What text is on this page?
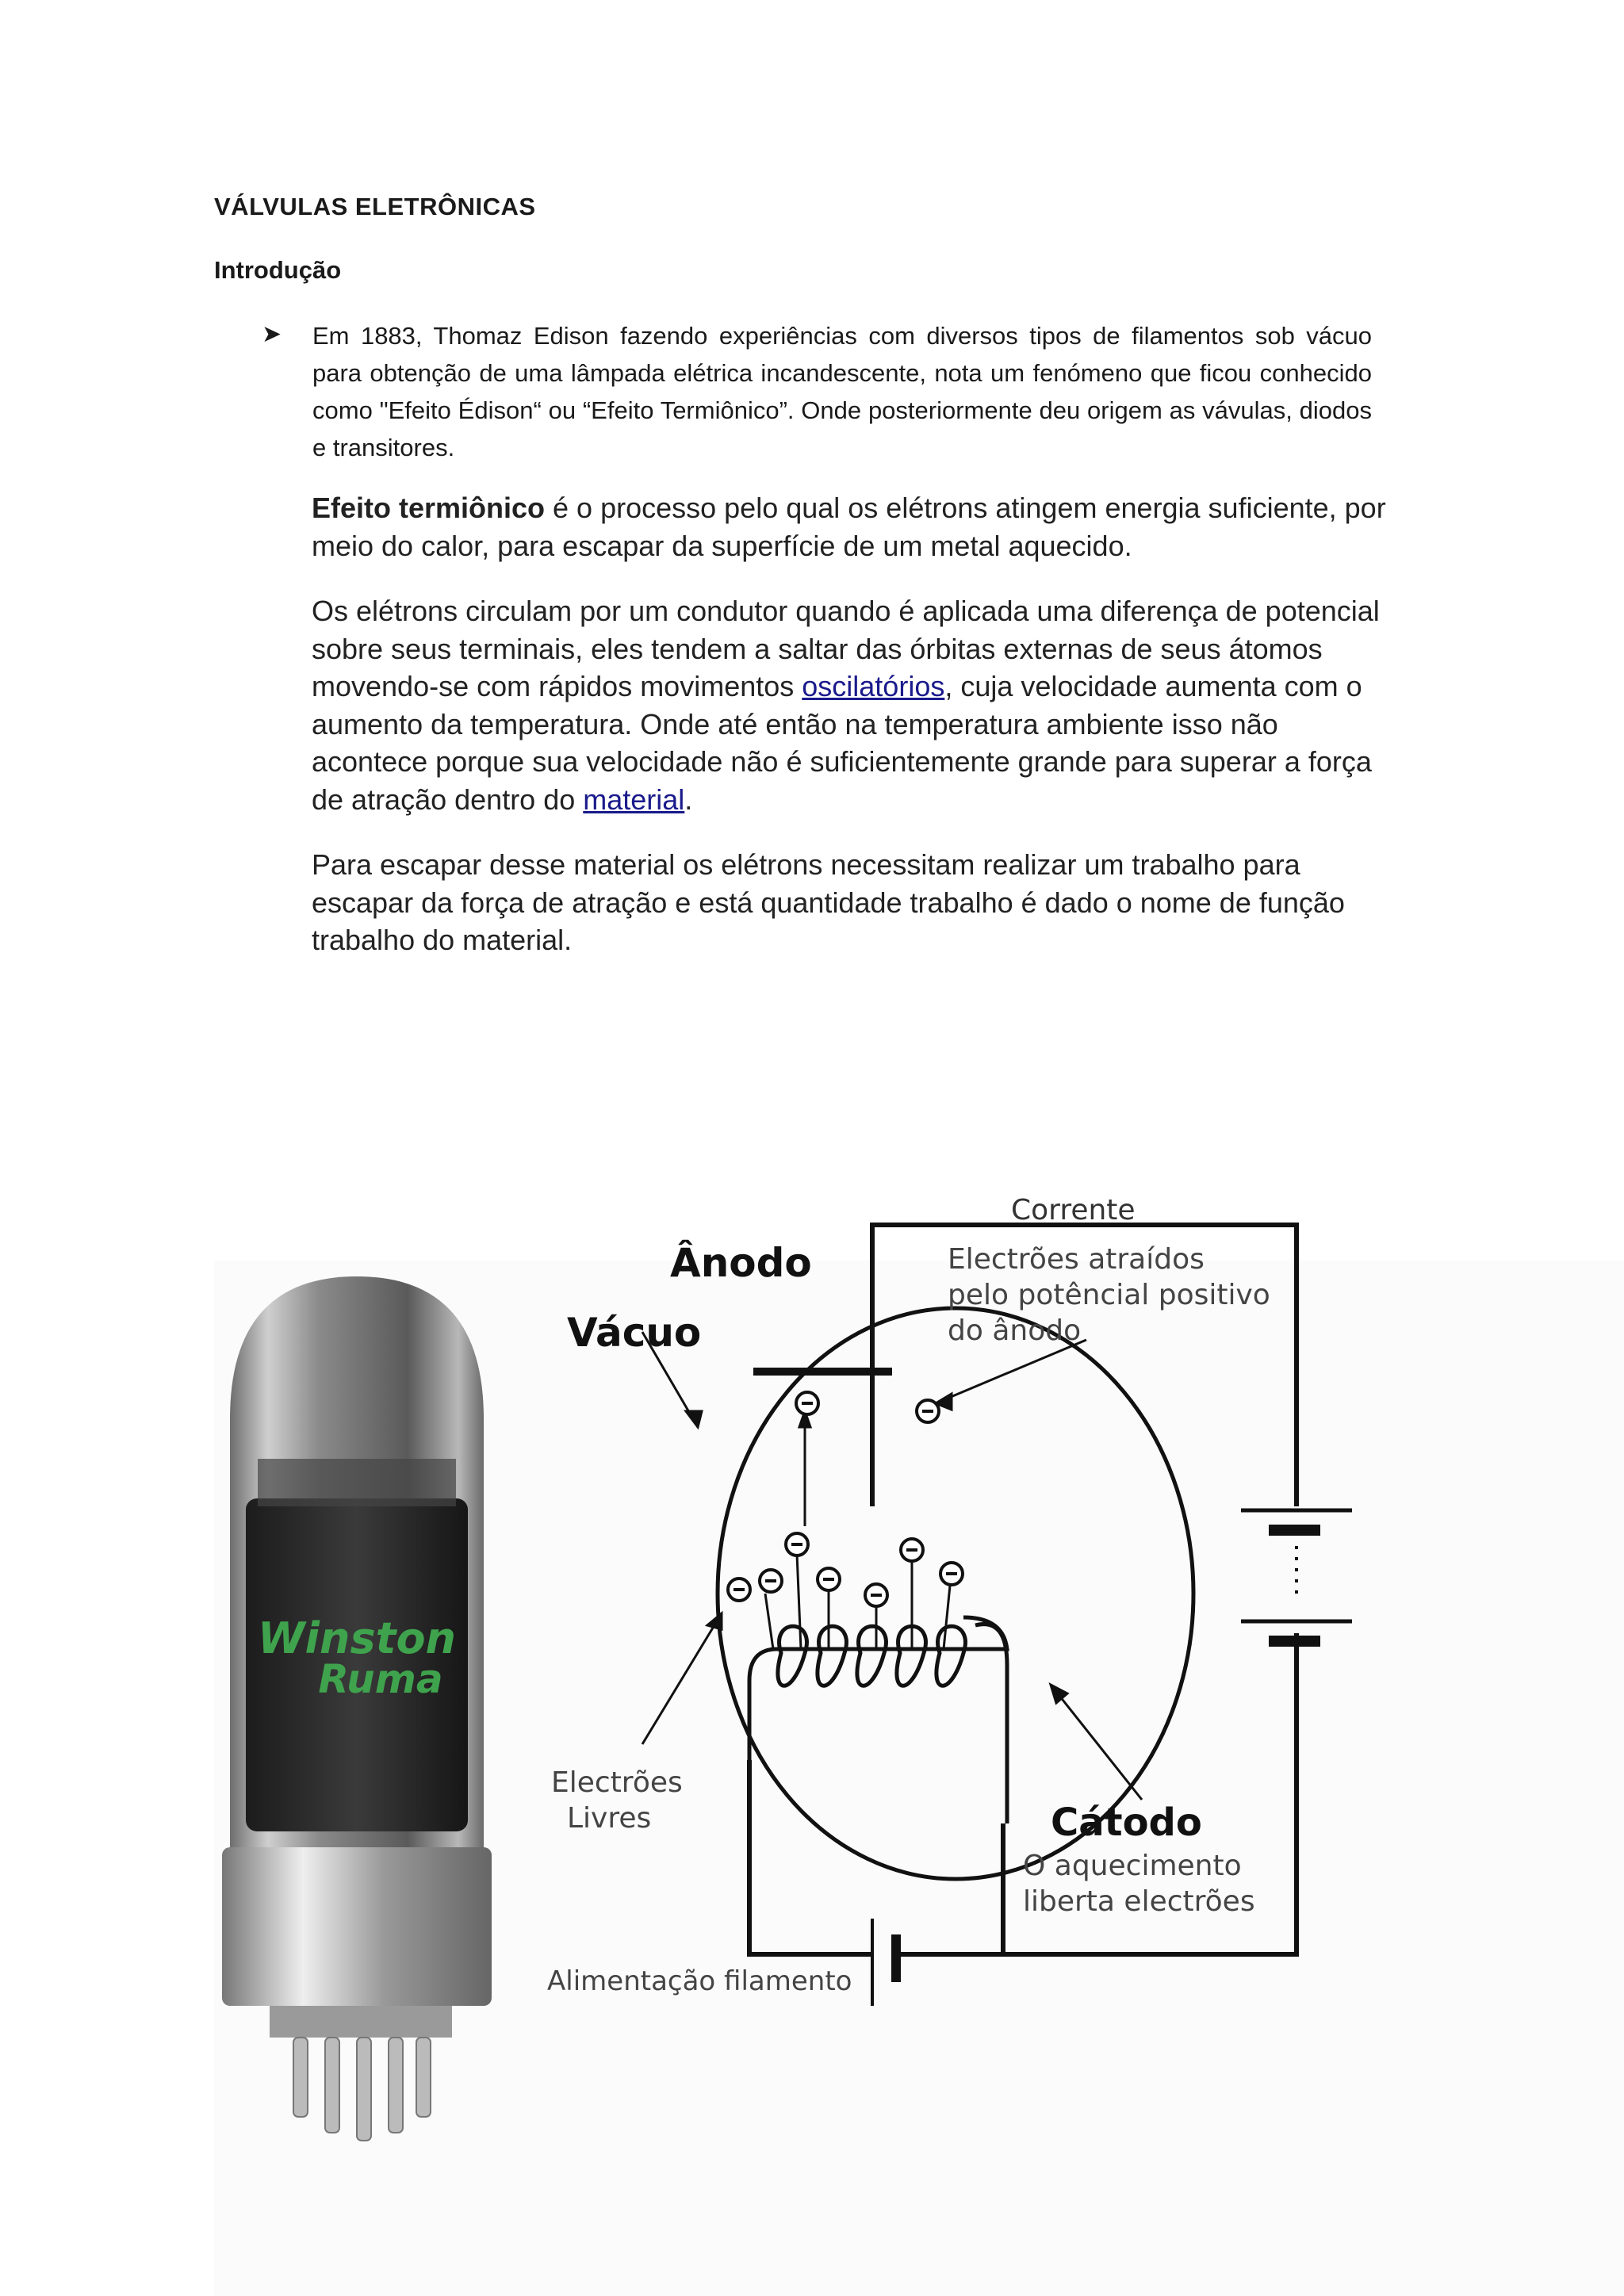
VÁLVULAS ELETRÔNICAS
Introdução
➤ Em 1883, Thomaz Edison fazendo experiências com diversos tipos de filamentos sob vácuo para obtenção de uma lâmpada elétrica incandescente, nota um fenómeno que ficou conhecido como "Efeito Édison“ ou “Efeito Termiônico”. Onde posteriormente deu origem as vávulas, diodos e transitores.

Efeito termiônico é o processo pelo qual os elétrons atingem energia suficiente, por meio do calor, para escapar da superfície de um metal aquecido.

Os elétrons circulam por um condutor quando é aplicada uma diferença de potencial sobre seus terminais, eles tendem a saltar das órbitas externas de seus átomos movendo-se com rápidos movimentos oscilatórios, cuja velocidade aumenta com o aumento da temperatura. Onde até então na temperatura ambiente isso não acontece porque sua velocidade não é suficientemente grande para superar a força de atração dentro do material.

Para escapar desse material os elétrons necessitam realizar um trabalho para escapar da força de atração e está quantidade trabalho é dado o nome de função trabalho do material.

Winston
Ruma
Corrente
Ânodo
Vácuo
Electrões atraídos
pelo potêncial positivo
do ânodo
Electrões
Livres	Cátodo
O aquecimento
liberta electrões
Alimentação filamento
